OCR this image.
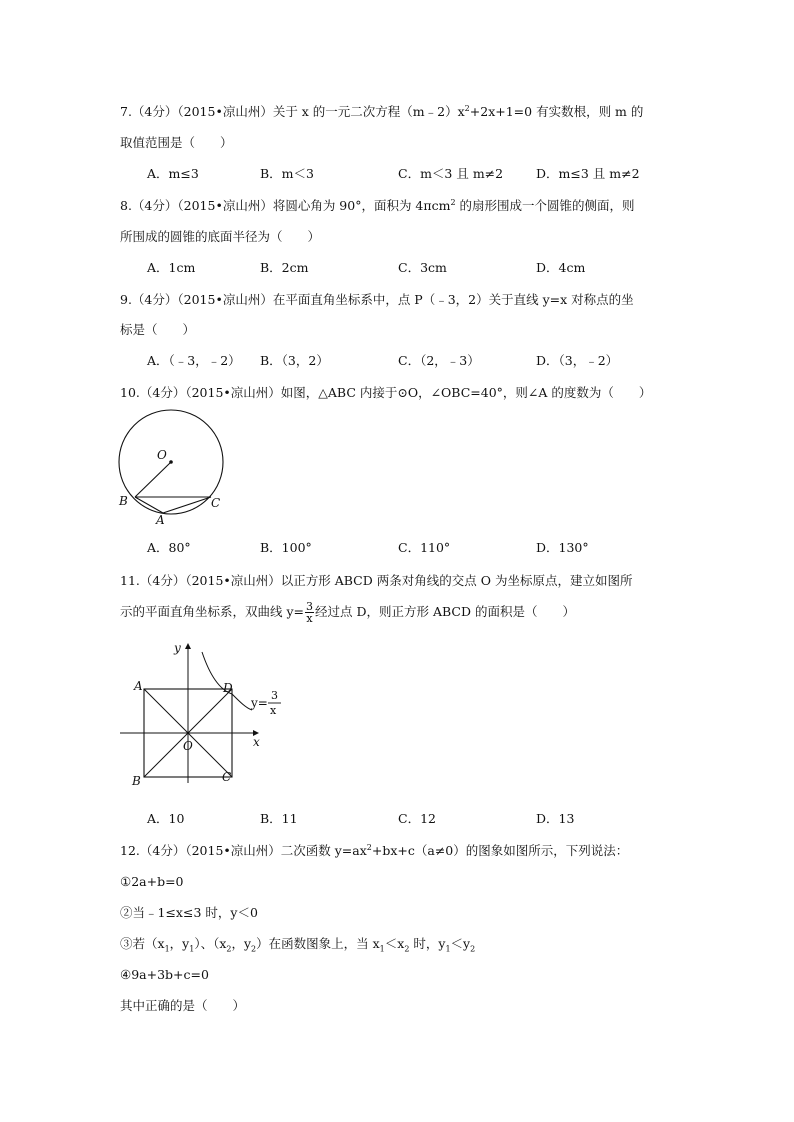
7.（4分）（2015•凉山州）关于 x 的一元二次方程$(m﹣2)x^2+2x+1=0$ 有实数根，则 m 的
取值范围是（　　）
A．m≤3	B．m＜3	C．m＜3 且 m≠2	D．m≤3 且 m≠2
8.（4分）（2015•凉山州）将圆心角为 90°，面积为 4πcm$^2$ 的扇形围成一个圆锥的侧面，则
所围成的圆锥的底面半径为（　　）
A．1cm	B．2cm	C．3cm	D．4cm
9.（4分）（2015•凉山州）在平面直角坐标系中，点 P（﹣3，2）关于直线 y=x 对称点的坐
标是（　　）
A．（﹣3，﹣2） B．（3，2）	C．（2，﹣3）	D．（3，﹣2）
10.（4分）（2015•凉山州）如图，△ABC 内接于⊙O，∠OBC=40°，则∠A 的度数为（　　）
O
B	C
A
A．80°	B．100°	C．110°	D．130°
11.（4分）（2015•凉山州）以正方形 ABCD 两条对角线的交点 O 为坐标原点，建立如图所
示的平面直角坐标系，双曲线 $y= \frac{3}{x}$ 经过点 D，则正方形 ABCD 的面积是（　　）
y
x
A	D
B	C
O
y=
3
x
A．10	B．11	C．12	D．13
12.（4分）（2015•凉山州）二次函数 $y=ax^2+bx+c(a\ne 0)$的图象如图所示，下列说法：
①2a+b=0
②当﹣1≤x≤3 时，y＜0
③若（$x_1$，$y_1$）、（$x_2$，$y_2$）在函数图象上，当 $x_1<x_2$ 时，$y_1<y_2$
④9a+3b+c=0
其中正确的是（　　）
